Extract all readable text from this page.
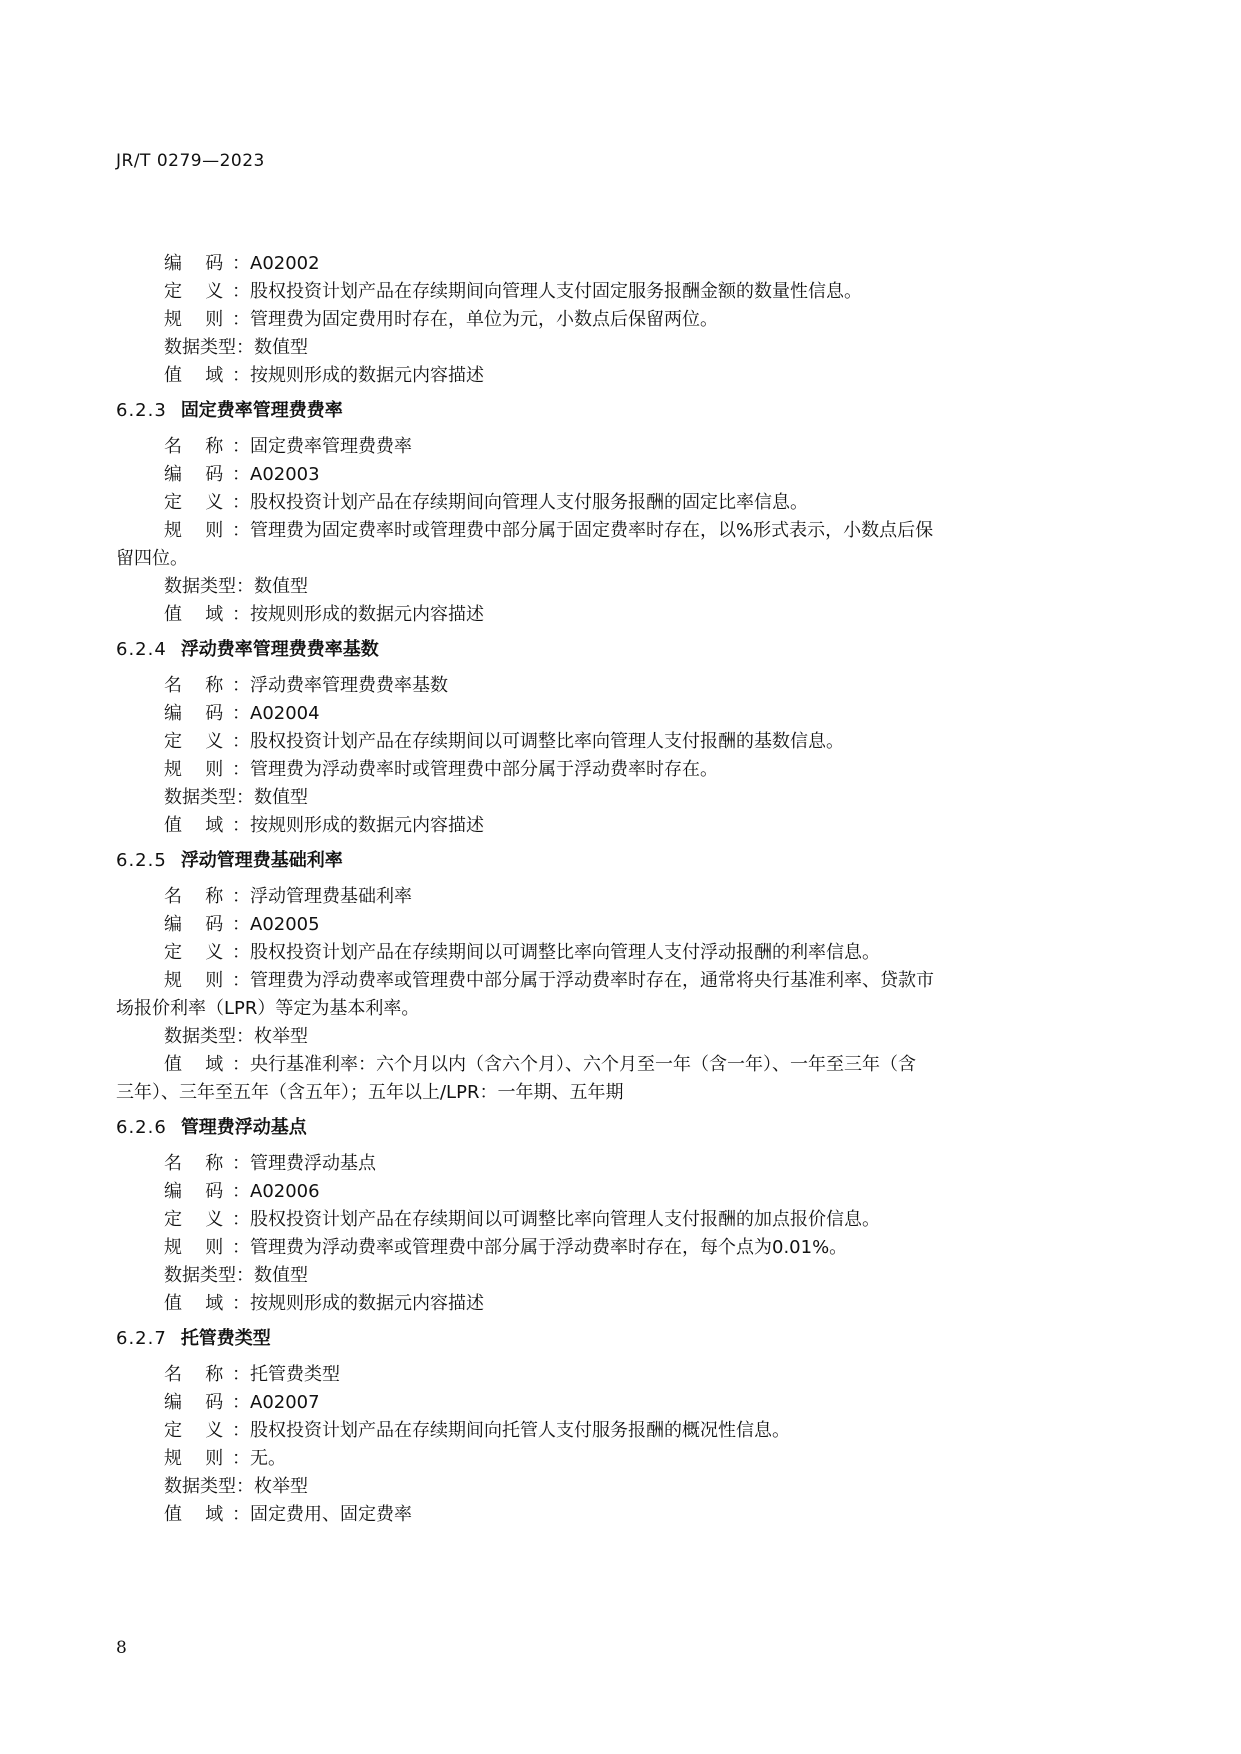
JR/T 0279—2023
编 码：A02002
定 义：股权投资计划产品在存续期间向管理人支付固定服务报酬金额的数量性信息。
规 则：管理费为固定费用时存在，单位为元，小数点后保留两位。
数据类型：数值型
值 域：按规则形成的数据元内容描述
6.2.3 固定费率管理费费率
名 称：固定费率管理费费率
编 码：A02003
定 义：股权投资计划产品在存续期间向管理人支付服务报酬的固定比率信息。
规 则：管理费为固定费率时或管理费中部分属于固定费率时存在，以%形式表示，小数点后保
留四位。
数据类型：数值型
值 域：按规则形成的数据元内容描述
6.2.4 浮动费率管理费费率基数
名 称：浮动费率管理费费率基数
编 码：A02004
定 义：股权投资计划产品在存续期间以可调整比率向管理人支付报酬的基数信息。
规 则：管理费为浮动费率时或管理费中部分属于浮动费率时存在。
数据类型：数值型
值 域：按规则形成的数据元内容描述
6.2.5 浮动管理费基础利率
名 称：浮动管理费基础利率
编 码：A02005
定 义：股权投资计划产品在存续期间以可调整比率向管理人支付浮动报酬的利率信息。
规 则：管理费为浮动费率或管理费中部分属于浮动费率时存在，通常将央行基准利率、贷款市
场报价利率（LPR）等定为基本利率。
数据类型：枚举型
值 域：央行基准利率：六个月以内（含六个月）、六个月至一年（含一年）、一年至三年（含
三年）、三年至五年（含五年）；五年以上/LPR：一年期、五年期
6.2.6 管理费浮动基点
名 称：管理费浮动基点
编 码：A02006
定 义：股权投资计划产品在存续期间以可调整比率向管理人支付报酬的加点报价信息。
规 则：管理费为浮动费率或管理费中部分属于浮动费率时存在，每个点为0.01%。
数据类型：数值型
值 域：按规则形成的数据元内容描述
6.2.7 托管费类型
名 称：托管费类型
编 码：A02007
定 义：股权投资计划产品在存续期间向托管人支付服务报酬的概况性信息。
规 则：无。
数据类型：枚举型
值 域：固定费用、固定费率
8
